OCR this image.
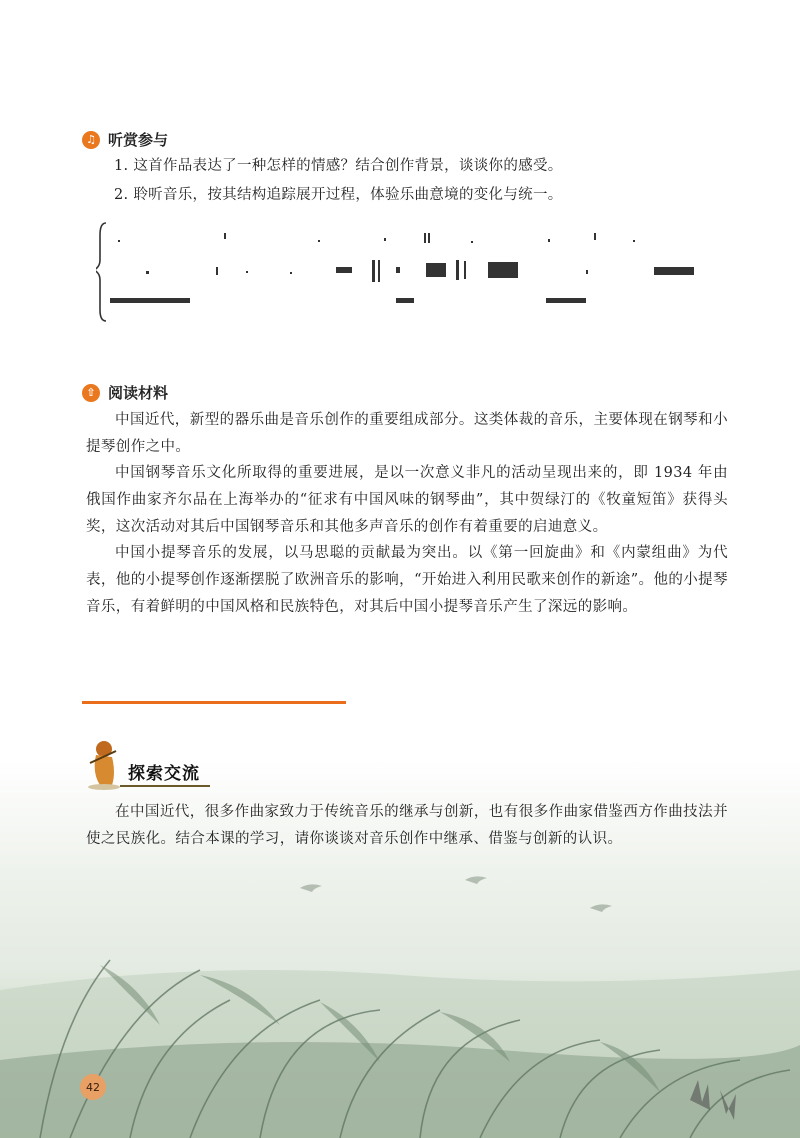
♫ 听赏参与
1. 这首作品表达了一种怎样的情感？结合创作背景，谈谈你的感受。
2. 聆听音乐，按其结构追踪展开过程，体验乐曲意境的变化与统一。
⇧ 阅读材料

中国近代，新型的器乐曲是音乐创作的重要组成部分。这类体裁的音乐，主要体现在钢琴和小提琴创作之中。

中国钢琴音乐文化所取得的重要进展，是以一次意义非凡的活动呈现出来的，即 1934 年由俄国作曲家齐尔品在上海举办的“征求有中国风味的钢琴曲”，其中贺绿汀的《牧童短笛》获得头奖，这次活动对其后中国钢琴音乐和其他多声音乐的创作有着重要的启迪意义。

中国小提琴音乐的发展，以马思聪的贡献最为突出。以《第一回旋曲》和《内蒙组曲》为代表，他的小提琴创作逐渐摆脱了欧洲音乐的影响，“开始进入利用民歌来创作的新途”。他的小提琴音乐，有着鲜明的中国风格和民族特色，对其后中国小提琴音乐产生了深远的影响。

探索交流

在中国近代，很多作曲家致力于传统音乐的继承与创新，也有很多作曲家借鉴西方作曲技法并使之民族化。结合本课的学习，请你谈谈对音乐创作中继承、借鉴与创新的认识。

42
